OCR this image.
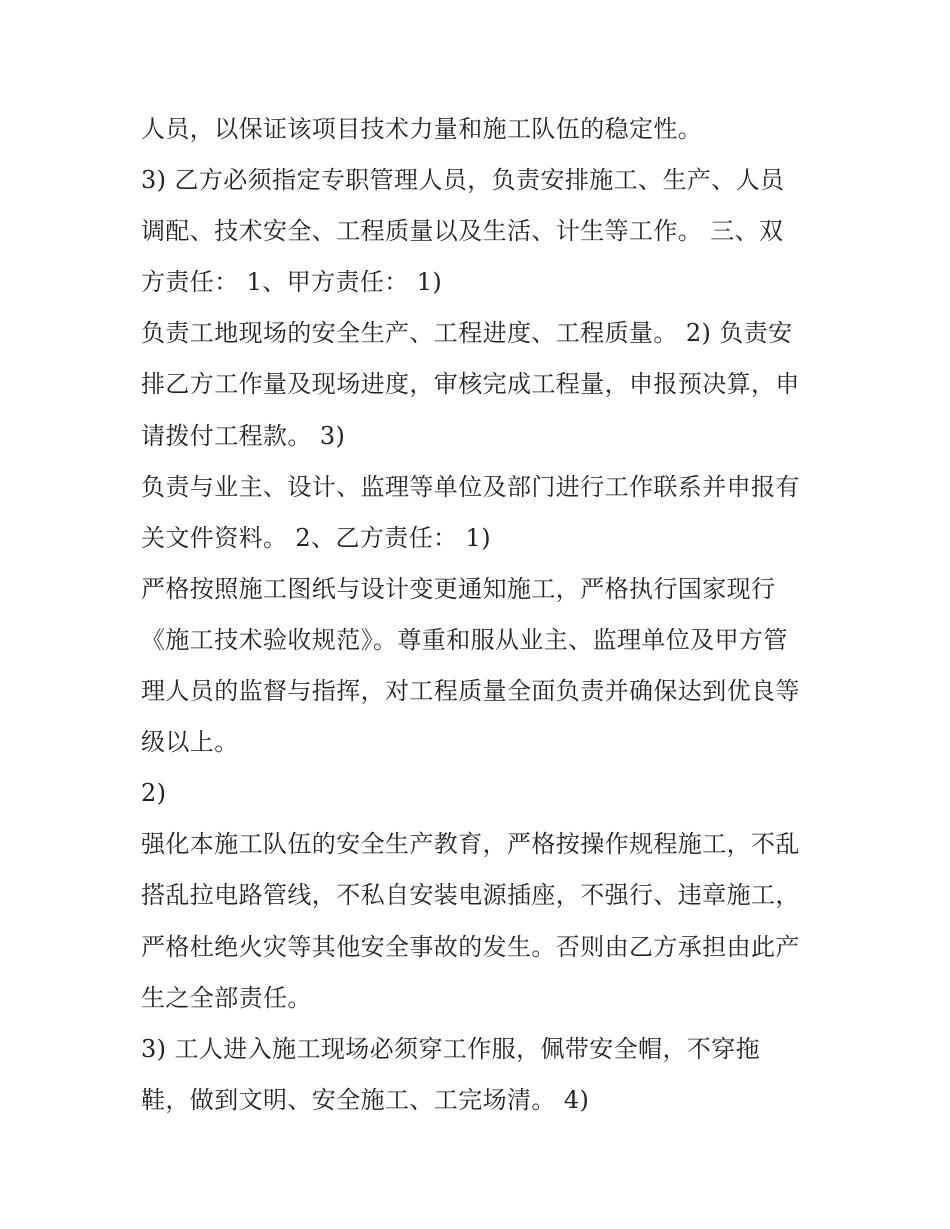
人员，以保证该项目技术力量和施工队伍的稳定性。
3) 乙方必须指定专职管理人员，负责安排施工、生产、人员
调配、技术安全、工程质量以及生活、计生等工作。 三、双
方责任： 1、甲方责任： 1)
负责工地现场的安全生产、工程进度、工程质量。 2) 负责安
排乙方工作量及现场进度，审核完成工程量，申报预决算，申
请拨付工程款。 3)
负责与业主、设计、监理等单位及部门进行工作联系并申报有
关文件资料。 2、乙方责任： 1)
严格按照施工图纸与设计变更通知施工，严格执行国家现行
《施工技术验收规范》。尊重和服从业主、监理单位及甲方管
理人员的监督与指挥，对工程质量全面负责并确保达到优良等
级以上。
2)
强化本施工队伍的安全生产教育，严格按操作规程施工，不乱
搭乱拉电路管线，不私自安装电源插座，不强行、违章施工，
严格杜绝火灾等其他安全事故的发生。否则由乙方承担由此产
生之全部责任。
3) 工人进入施工现场必须穿工作服，佩带安全帽，不穿拖
鞋，做到文明、安全施工、工完场清。 4)
